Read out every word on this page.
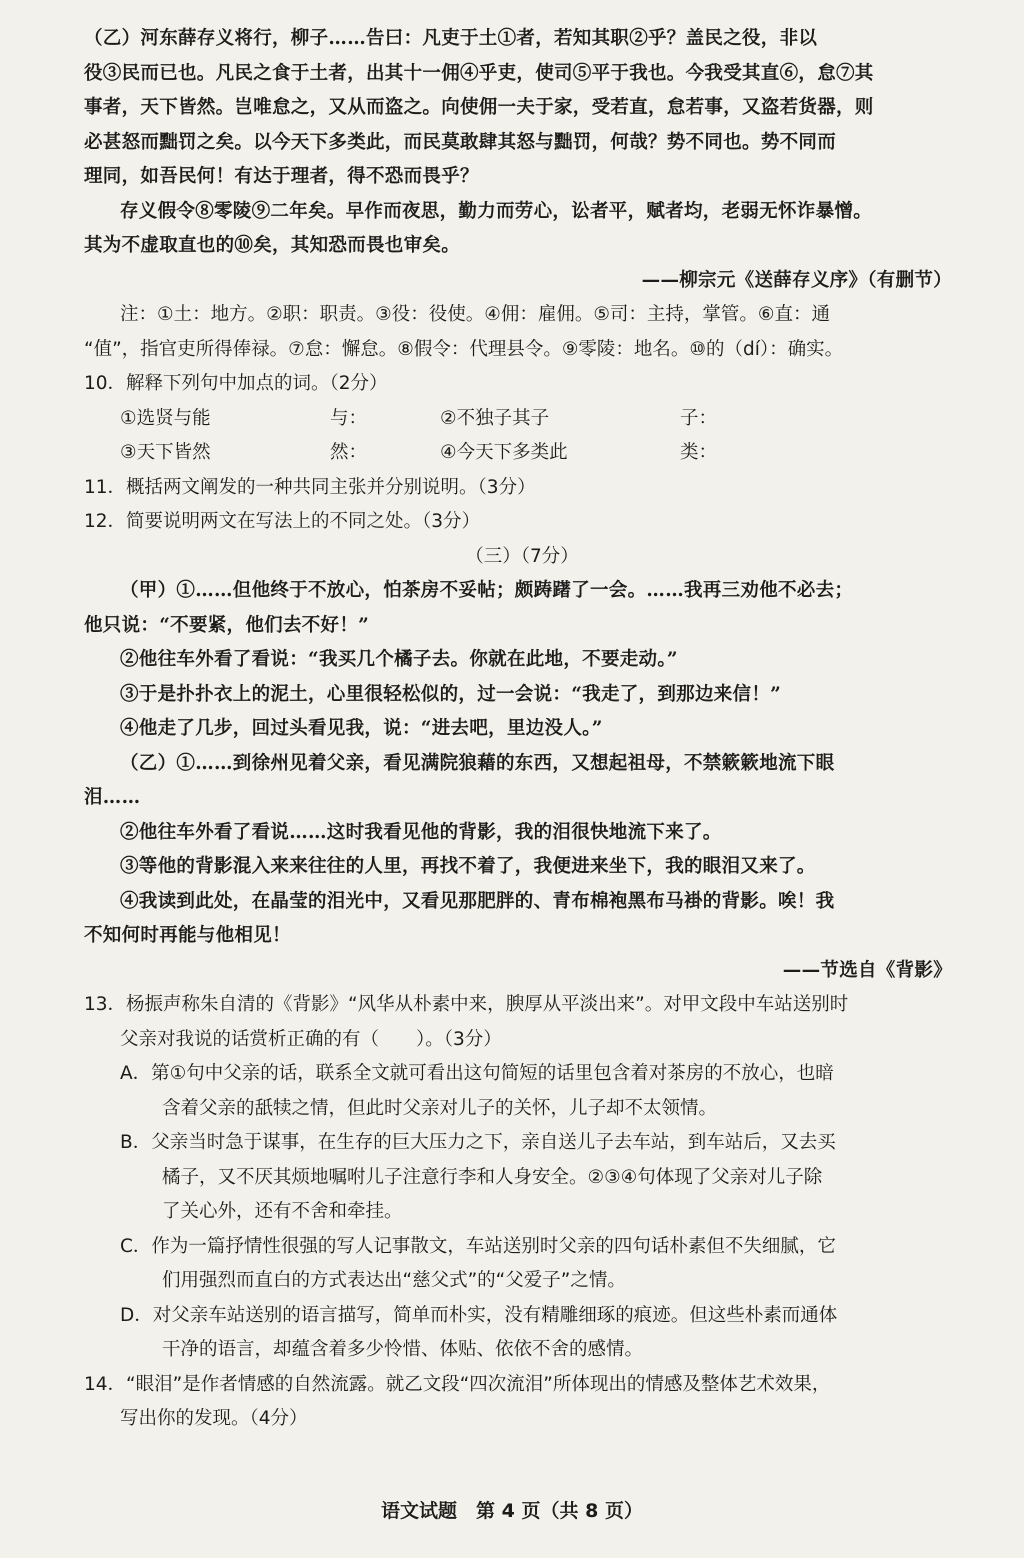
（乙）河东薛存义将行，柳子……告曰：凡吏于土①者，若知其职②乎？盖民之役，非以
役③民而已也。凡民之食于土者，出其十一佣④乎吏，使司⑤平于我也。今我受其直⑥，怠⑦其
事者，天下皆然。岂唯怠之，又从而盗之。向使佣一夫于家，受若直，怠若事，又盗若货器，则
必甚怒而黜罚之矣。以今天下多类此，而民莫敢肆其怒与黜罚，何哉？势不同也。势不同而
理同，如吾民何！有达于理者，得不恐而畏乎？
存义假令⑧零陵⑨二年矣。早作而夜思，勤力而劳心，讼者平，赋者均，老弱无怀诈暴憎。
其为不虚取直也的⑩矣，其知恐而畏也审矣。
——柳宗元《送薛存义序》（有删节）
注：①土：地方。②职：职责。③役：役使。④佣：雇佣。⑤司：主持，掌管。⑥直：通
“值”，指官吏所得俸禄。⑦怠：懈怠。⑧假令：代理县令。⑨零陵：地名。⑩的（dí）：确实。
10．解释下列句中加点的词。（2分）
①选贤与能	与：	②不独子其子	子：
③天下皆然	然：	④今天下多类此	类：
11．概括两文阐发的一种共同主张并分别说明。（3分）
12．简要说明两文在写法上的不同之处。（3分）
（三）（7分）
（甲）①……但他终于不放心，怕茶房不妥帖；颇踌躇了一会。……我再三劝他不必去；
他只说：“不要紧，他们去不好！”
②他往车外看了看说：“我买几个橘子去。你就在此地，不要走动。”
③于是扑扑衣上的泥土，心里很轻松似的，过一会说：“我走了，到那边来信！”
④他走了几步，回过头看见我，说：“进去吧，里边没人。”
（乙）①……到徐州见着父亲，看见满院狼藉的东西，又想起祖母，不禁簌簌地流下眼
泪……
②他往车外看了看说……这时我看见他的背影，我的泪很快地流下来了。
③等他的背影混入来来往往的人里，再找不着了，我便进来坐下，我的眼泪又来了。
④我读到此处，在晶莹的泪光中，又看见那肥胖的、青布棉袍黑布马褂的背影。唉！我
不知何时再能与他相见！
——节选自《背影》
13．杨振声称朱自清的《背影》“风华从朴素中来，腴厚从平淡出来”。对甲文段中车站送别时
父亲对我说的话赏析正确的有（　　）。（3分）
A．第①句中父亲的话，联系全文就可看出这句简短的话里包含着对茶房的不放心，也暗
含着父亲的舐犊之情，但此时父亲对儿子的关怀，儿子却不太领情。
B．父亲当时急于谋事，在生存的巨大压力之下，亲自送儿子去车站，到车站后，又去买
橘子，又不厌其烦地嘱咐儿子注意行李和人身安全。②③④句体现了父亲对儿子除
了关心外，还有不舍和牵挂。
C．作为一篇抒情性很强的写人记事散文，车站送别时父亲的四句话朴素但不失细腻，它
们用强烈而直白的方式表达出“慈父式”的“父爱子”之情。
D．对父亲车站送别的语言描写，简单而朴实，没有精雕细琢的痕迹。但这些朴素而通体
干净的语言，却蕴含着多少怜惜、体贴、依依不舍的感情。
14．“眼泪”是作者情感的自然流露。就乙文段“四次流泪”所体现出的情感及整体艺术效果，
写出你的发现。（4分）
语文试题　第 4 页（共 8 页）
